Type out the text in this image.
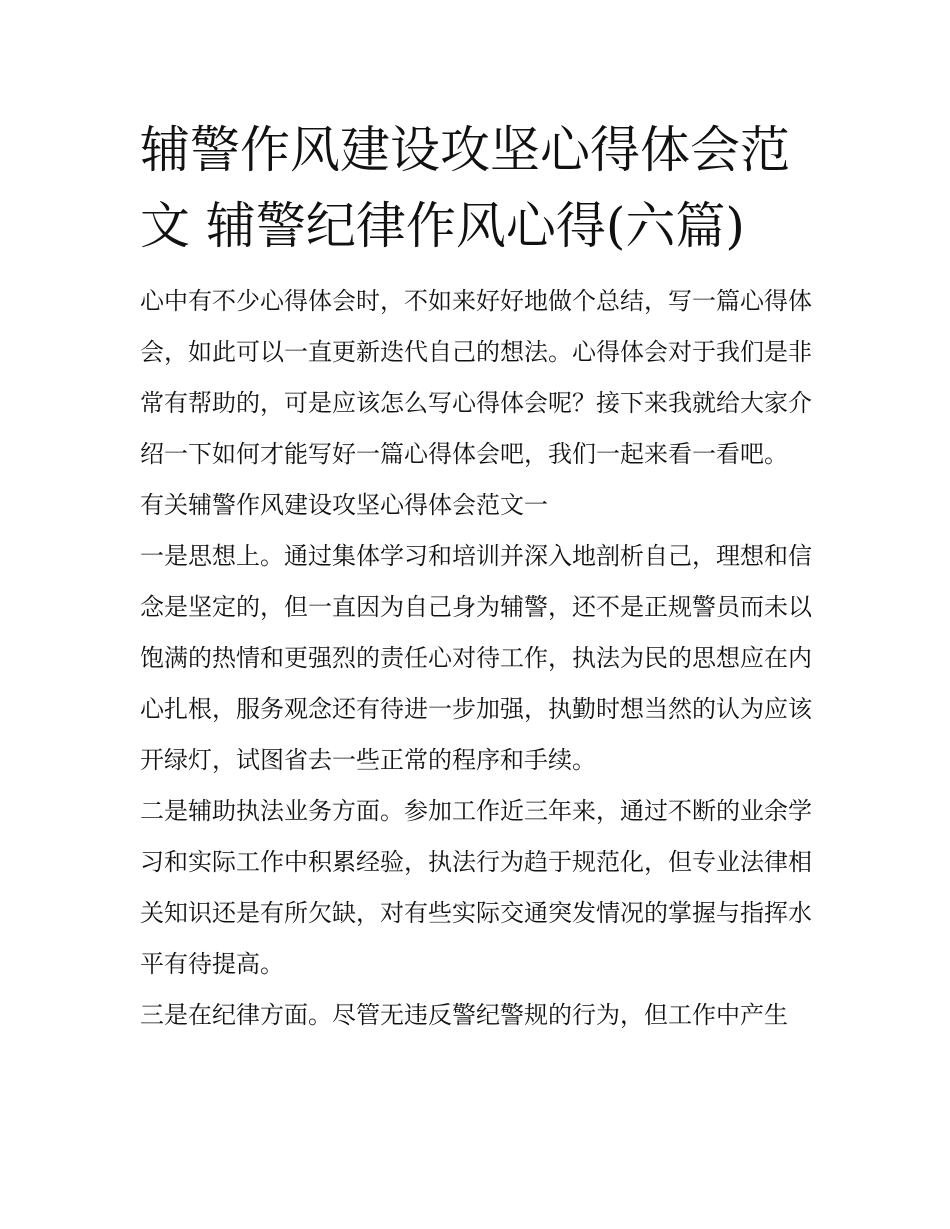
辅警作风建设攻坚心得体会范文 辅警纪律作风心得(六篇)

心中有不少心得体会时，不如来好好地做个总结，写一篇心得体会，如此可以一直更新迭代自己的想法。心得体会对于我们是非常有帮助的，可是应该怎么写心得体会呢？接下来我就给大家介绍一下如何才能写好一篇心得体会吧，我们一起来看一看吧。

有关辅警作风建设攻坚心得体会范文一

一是思想上。通过集体学习和培训并深入地剖析自己，理想和信念是坚定的，但一直因为自己身为辅警，还不是正规警员而未以饱满的热情和更强烈的责任心对待工作，执法为民的思想应在内心扎根，服务观念还有待进一步加强，执勤时想当然的认为应该开绿灯，试图省去一些正常的程序和手续。

二是辅助执法业务方面。参加工作近三年来，通过不断的业余学习和实际工作中积累经验，执法行为趋于规范化，但专业法律相关知识还是有所欠缺，对有些实际交通突发情况的掌握与指挥水平有待提高。

三是在纪律方面。尽管无违反警纪警规的行为，但工作中产生
